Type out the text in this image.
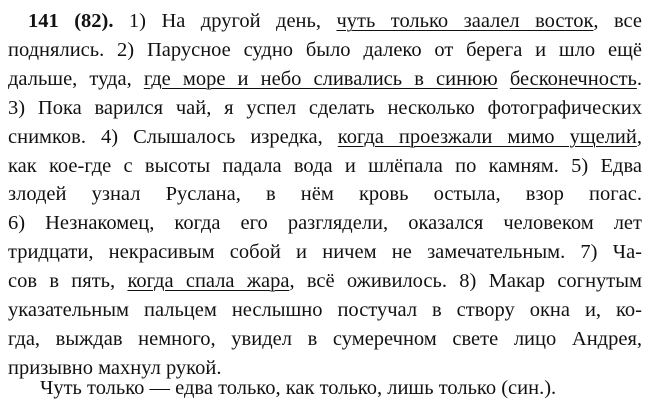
141 (82). 1) На другой день, чуть только заалел восток, все
поднялись. 2) Парусное судно было далеко от берега и шло ещё
дальше, туда, где море и небо сливались в синюю бесконечность.
3) Пока варился чай, я успел сделать несколько фотографических
снимков. 4) Слышалось изредка, когда проезжали мимо ущелий,
как кое-где с высоты падала вода и шлёпала по камням. 5) Едва
злодей узнал Руслана, в нём кровь остыла, взор погас.
6) Незнакомец, когда его разглядели, оказался человеком лет
тридцати, некрасивым собой и ничем не замечательным. 7) Ча-
сов в пять, когда спала жара, всё оживилось. 8) Макар согнутым
указательным пальцем неслышно постучал в створу окна и, ко-
гда, выждав немного, увидел в сумеречном свете лицо Андрея,
призывно махнул рукой.
Чуть только — едва только, как только, лишь только (син.).
